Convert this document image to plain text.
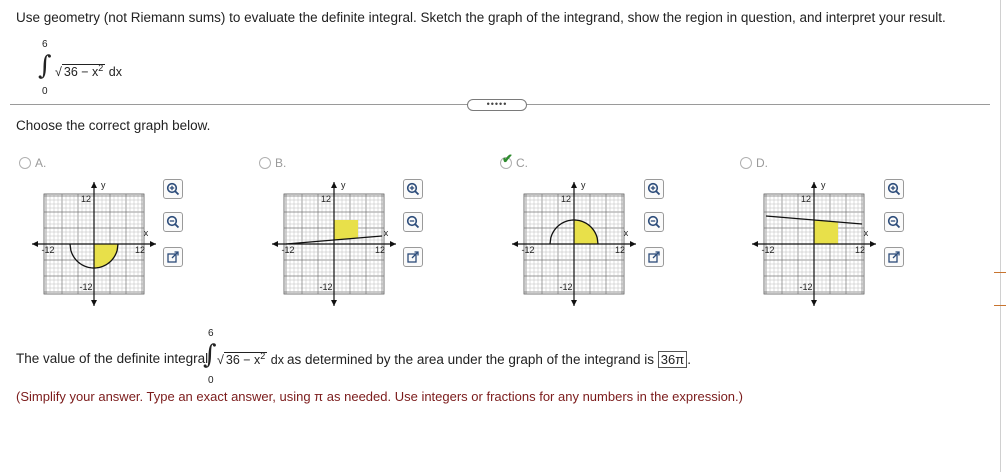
Use geometry (not Riemann sums) to evaluate the definite integral. Sketch the graph of the integrand, show the region in question, and interpret your result.
6
∫
0
√ $36 - x^2$ dx
•••••
Choose the correct graph below.
A.	B.	✔ C.	D.
y
x
12
-12	12
-12
y
x
12
-12	12
-12
y
x
12
-12	12
-12
y
x
12
-12	12
-12
6
∫
0
√ $36 - x^2$ dx
The value of the definite integral	as determined by the area under the graph of the integrand is 36π .
(Simplify your answer. Type an exact answer, using π as needed. Use integers or fractions for any numbers in the expression.)
